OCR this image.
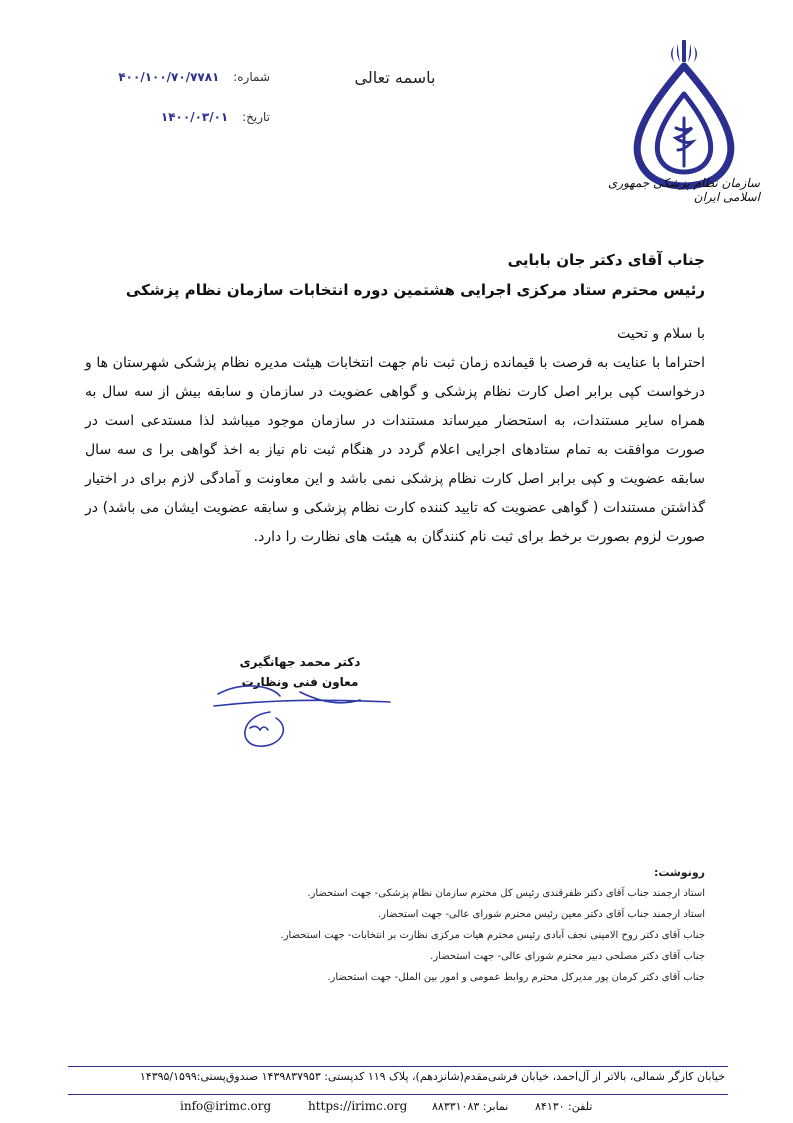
باسمه تعالی
شماره: ۴۰۰/۱۰۰/۷۰/۷۷۸۱
تاریخ: ۱۴۰۰/۰۳/۰۱
سازمان نظام پزشکی جمهوری اسلامی ایران
جناب آقای دکتر جان بابایی
رئیس محترم ستاد مرکزی اجرایی هشتمین دوره انتخابات سازمان نظام پزشکی
با سلام و تحیت
احتراما با عنایت به فرصت با قیمانده زمان ثبت نام جهت انتخابات هیئت مدیره نظام پزشکی شهرستان ها و درخواست کپی برابر اصل کارت نظام پزشکی و گواهی عضویت در سازمان و سابقه بیش از سه سال به همراه سایر مستندات، به استحضار میرساند مستندات در سازمان موجود میباشد لذا مستدعی است در صورت موافقت به تمام ستادهای اجرایی اعلام گردد در هنگام ثبت نام نیاز به اخذ گواهی برا ی سه سال سابقه عضویت و کپی برابر اصل کارت نظام پزشکی نمی باشد و این معاونت و آمادگی لازم برای در اختیار گذاشتن مستندات ( گواهی عضویت که تایید کننده کارت نظام پزشکی و سابقه عضویت ایشان می باشد) در صورت لزوم بصورت برخط برای ثبت نام کنندگان به هیئت های نظارت را دارد.
دکتر محمد جهانگیری
معاون فنی ونظارت
رونوشت:
استاد ارجمند جناب آقای دکتر ظفرقندی رئیس کل محترم سازمان نظام پزشکی- جهت استحضار.
استاد ارجمند جناب آقای دکتر معین رئیس محترم شورای عالی- جهت استحضار.
جناب آقای دکتر روح الامینی نجف آبادی رئیس محترم هیات مرکزی نظارت بر انتخابات- جهت استحضار.
جناب آقای دکتر مصلحی دبیر محترم شورای عالی- جهت استحضار.
جناب آقای دکتر کرمان پور مدیرکل محترم روابط عمومی و امور بین الملل- جهت استحضار.
خیابان کارگر شمالی، بالاتر از آل‌احمد، خیابان فرشی‌مقدم(شانزدهم)، پلاک ۱۱۹ کدپستی: ۱۴۳۹۸۳۷۹۵۳ صندوق‌پستی:۱۴۳۹۵/۱۵۹۹
info@irimc.org	https://irimc.org نمابر: ۸۸۳۳۱۰۸۳ تلفن: ۸۴۱۳۰
